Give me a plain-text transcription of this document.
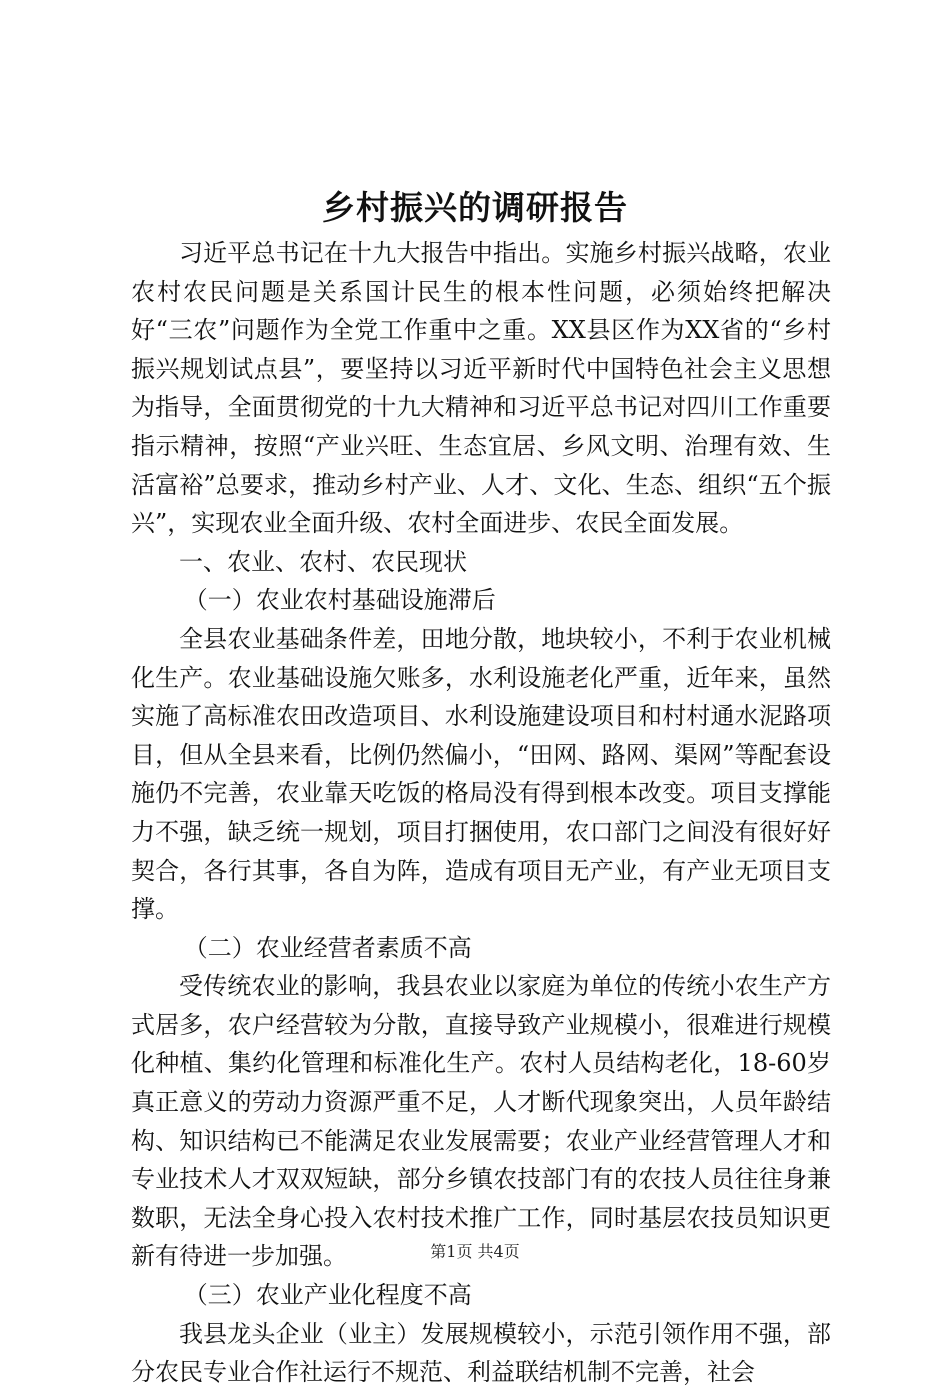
乡村振兴的调研报告

习近平总书记在十九大报告中指出。实施乡村振兴战略，农业农村农民问题是关系国计民生的根本性问题，必须始终把解决好“三农”问题作为全党工作重中之重。XX县区作为XX省的“乡村振兴规划试点县”，要坚持以习近平新时代中国特色社会主义思想为指导，全面贯彻党的十九大精神和习近平总书记对四川工作重要指示精神，按照“产业兴旺、生态宜居、乡风文明、治理有效、生活富裕”总要求，推动乡村产业、人才、文化、生态、组织“五个振兴”，实现农业全面升级、农村全面进步、农民全面发展。

一、农业、农村、农民现状

（一）农业农村基础设施滞后

全县农业基础条件差，田地分散，地块较小，不利于农业机械化生产。农业基础设施欠账多，水利设施老化严重，近年来，虽然实施了高标准农田改造项目、水利设施建设项目和村村通水泥路项目，但从全县来看，比例仍然偏小，“田网、路网、渠网”等配套设施仍不完善，农业靠天吃饭的格局没有得到根本改变。项目支撑能力不强，缺乏统一规划，项目打捆使用，农口部门之间没有很好好契合，各行其事，各自为阵，造成有项目无产业，有产业无项目支撑。

（二）农业经营者素质不高

受传统农业的影响，我县农业以家庭为单位的传统小农生产方式居多，农户经营较为分散，直接导致产业规模小，很难进行规模化种植、集约化管理和标准化生产。农村人员结构老化，18-60岁真正意义的劳动力资源严重不足，人才断代现象突出，人员年龄结构、知识结构已不能满足农业发展需要；农业产业经营管理人才和专业技术人才双双短缺，部分乡镇农技部门有的农技人员往往身兼数职，无法全身心投入农村技术推广工作，同时基层农技员知识更新有待进一步加强。

（三）农业产业化程度不高

我县龙头企业（业主）发展规模较小，示范引领作用不强，部分农民专业合作社运行不规范、利益联结机制不完善，社会

第1页 共4页
